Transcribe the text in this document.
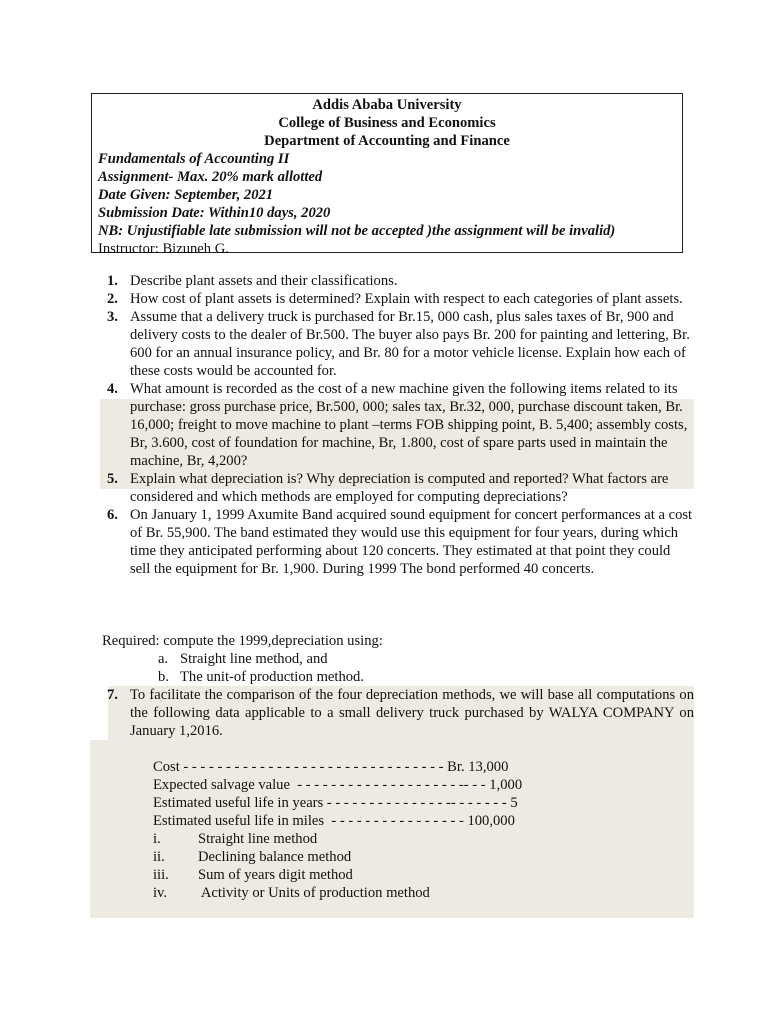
Addis Ababa University
College of Business and Economics
Department of Accounting and Finance
Fundamentals of Accounting II
Assignment- Max. 20% mark allotted
Date Given: September, 2021
Submission Date: Within10 days, 2020
NB: Unjustifiable late submission will not be accepted )the assignment will be invalid)
Instructor: Bizuneh G.
1. Describe plant assets and their classifications.
2. How cost of plant assets is determined? Explain with respect to each categories of plant assets.
3. Assume that a delivery truck is purchased for Br.15, 000 cash, plus sales taxes of Br, 900 and delivery costs to the dealer of Br.500. The buyer also pays Br. 200 for painting and lettering, Br. 600 for an annual insurance policy, and Br. 80 for a motor vehicle license. Explain how each of these costs would be accounted for.
4. What amount is recorded as the cost of a new machine given the following items related to its purchase: gross purchase price, Br.500, 000; sales tax, Br.32, 000, purchase discount taken, Br. 16,000; freight to move machine to plant –terms FOB shipping point, B. 5,400; assembly costs, Br, 3.600, cost of foundation for machine, Br, 1.800, cost of spare parts used in maintain the machine, Br, 4,200?
5. Explain what depreciation is? Why depreciation is computed and reported? What factors are considered and which methods are employed for computing depreciations?
6. On January 1, 1999 Axumite Band acquired sound equipment for concert performances at a cost of Br. 55,900. The band estimated they would use this equipment for four years, during which time they anticipated performing about 120 concerts. They estimated at that point they could sell the equipment for Br. 1,900. During 1999 The bond performed 40 concerts.
Required: compute the 1999,depreciation using:
a. Straight line method, and
b. The unit-of production method.
7. To facilitate the comparison of the four depreciation methods, we will base all computations on the following data applicable to a small delivery truck purchased by WALYA COMPANY on January 1,2016.
Cost - - - - - - - - - - - - - - - - - - - - - - - - - - - - - - - Br. 13,000
Expected salvage value  - - - - - - - - - - - - - - - - - - - -- - - 1,000
Estimated useful life in years - - - - - - - - - - - - - - -- - - - - - - 5
Estimated useful life in miles  - - - - - - - - - - - - - - - - 100,000
i.	Straight line method
ii. Declining balance method
iii. Sum of years digit method
iv. Activity or Units of production method
